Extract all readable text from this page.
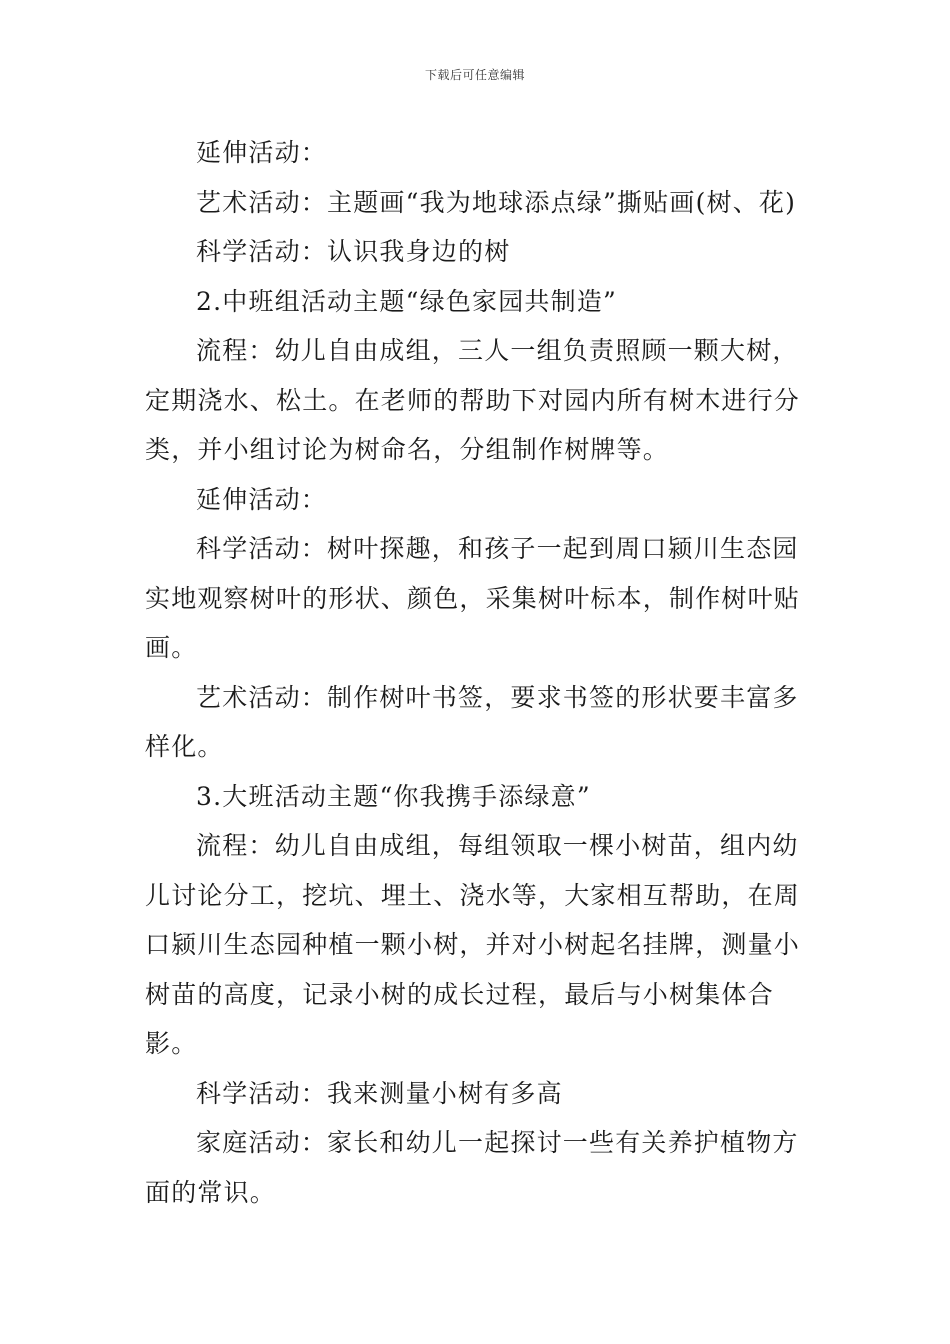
下载后可任意编辑

延伸活动：

艺术活动：主题画“我为地球添点绿”撕贴画(树、花)

科学活动：认识我身边的树

2.中班组活动主题“绿色家园共制造”

流程：幼儿自由成组，三人一组负责照顾一颗大树，定期浇水、松土。在老师的帮助下对园内所有树木进行分类，并小组讨论为树命名，分组制作树牌等。

延伸活动：

科学活动：树叶探趣，和孩子一起到周口颍川生态园实地观察树叶的形状、颜色，采集树叶标本，制作树叶贴画。

艺术活动：制作树叶书签，要求书签的形状要丰富多样化。

3.大班活动主题“你我携手添绿意”

流程：幼儿自由成组，每组领取一棵小树苗，组内幼儿讨论分工，挖坑、埋土、浇水等，大家相互帮助，在周口颍川生态园种植一颗小树，并对小树起名挂牌，测量小树苗的高度，记录小树的成长过程，最后与小树集体合影。

科学活动：我来测量小树有多高

家庭活动：家长和幼儿一起探讨一些有关养护植物方面的常识。
